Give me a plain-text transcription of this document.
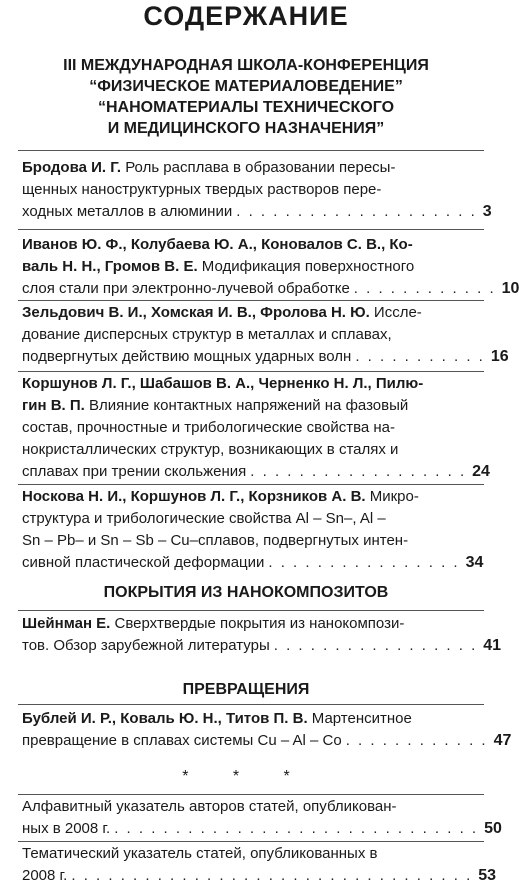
СОДЕРЖАНИЕ
III МЕЖДУНАРОДНАЯ ШКОЛА-КОНФЕРЕНЦИЯ
“ФИЗИЧЕСКОЕ МАТЕРИАЛОВЕДЕНИЕ”
“НАНОМАТЕРИАЛЫ ТЕХНИЧЕСКОГО
И МЕДИЦИНСКОГО НАЗНАЧЕНИЯ”
Бродова И. Г. Роль расплава в образовании пересы-
щенных наноструктурных твердых растворов пере-
ходных металлов в алюминии . . . . . . . . . . . . . . . . . . . . 3
Иванов Ю. Ф., Колубаева Ю. А., Коновалов С. В., Ко-
валь Н. Н., Громов В. Е. Модификация поверхностного
слоя стали при электронно-лучевой обработке . . . . . . . . . . . . 10
Зельдович В. И., Хомская И. В., Фролова Н. Ю. Иссле-
дование дисперсных структур в металлах и сплавах,
подвергнутых действию мощных ударных волн . . . . . . . . . . . 16
Коршунов Л. Г., Шабашов В. А., Черненко Н. Л., Пилю-
гин В. П. Влияние контактных напряжений на фазовый
состав, прочностные и трибологические свойства на-
нокристаллических структур, возникающих в сталях и
сплавах при трении скольжения . . . . . . . . . . . . . . . . . . 24
Носкова Н. И., Коршунов Л. Г., Корзников А. В. Микро-
структура и трибологические свойства Al – Sn–, Al –
Sn – Pb– и Sn – Sb – Cu–сплавов, подвергнутых интен-
сивной пластической деформации . . . . . . . . . . . . . . . . 34
ПОКРЫТИЯ ИЗ НАНОКОМПОЗИТОВ
Шейнман Е. Сверхтвердые покрытия из нанокомпози-
тов. Обзор зарубежной литературы . . . . . . . . . . . . . . . . . 41
ПРЕВРАЩЕНИЯ
Бублей И. Р., Коваль Ю. Н., Титов П. В. Мартенситное
превращение в сплавах системы Cu – Al – Co . . . . . . . . . . . . 47
* * *
Алфавитный указатель авторов статей, опубликован-
ных в 2008 г. . . . . . . . . . . . . . . . . . . . . . . . . . . . . . . 50
Тематический указатель статей, опубликованных в
2008 г. . . . . . . . . . . . . . . . . . . . . . . . . . . . . . . . . . 53
